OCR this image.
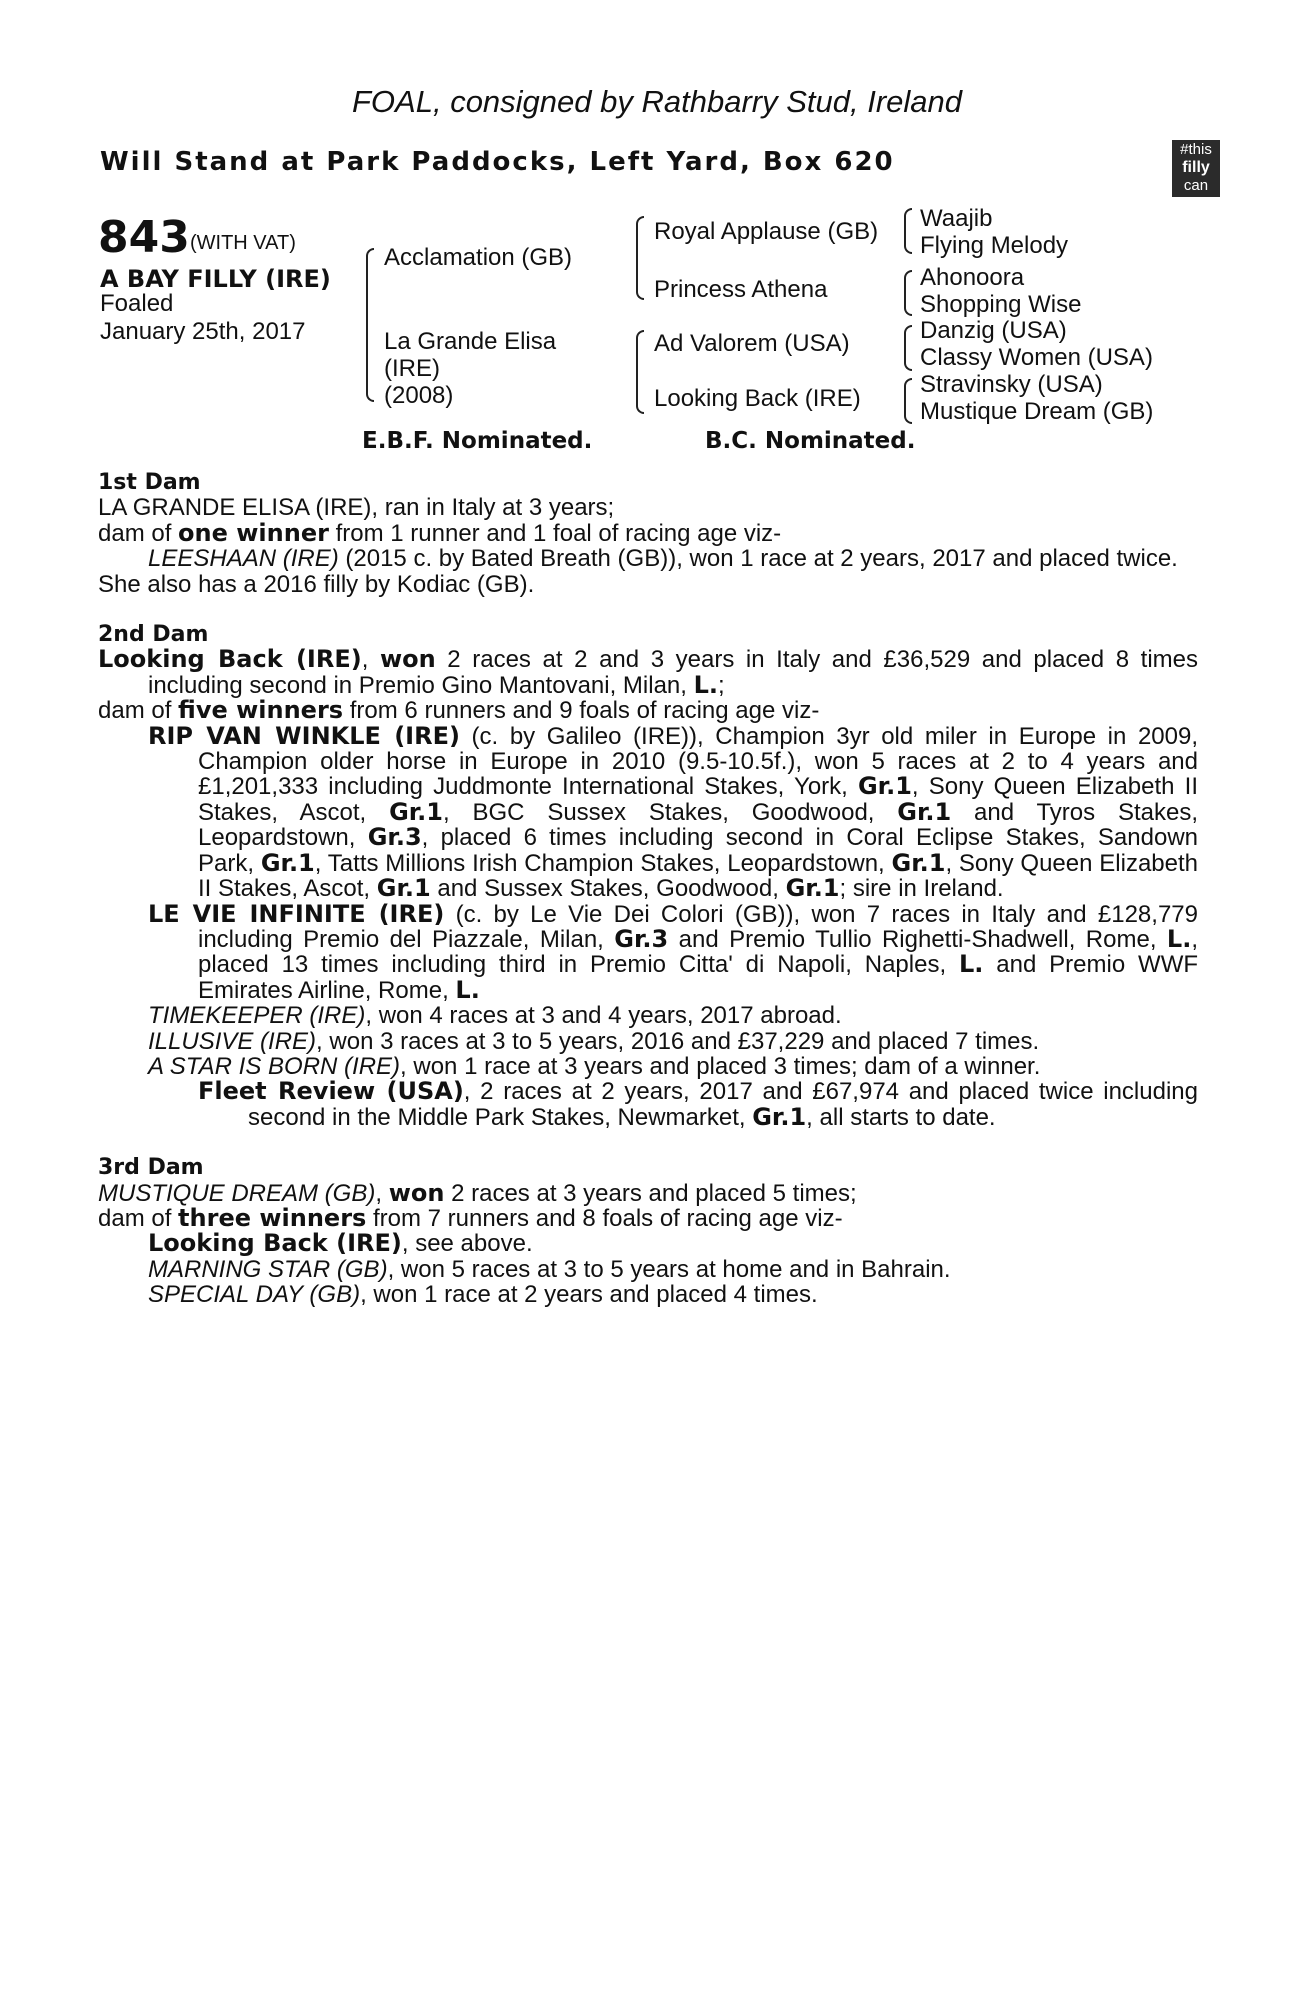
FOAL, consigned by Rathbarry Stud, Ireland
Will Stand at Park Paddocks, Left Yard, Box 620	#this
filly
can
843 (WITH VAT)
A BAY FILLY (IRE)
Foaled
January 25th, 2017
Acclamation (GB)
La Grande Elisa
(IRE)
(2008)
Royal Applause (GB)
Princess Athena
Ad Valorem (USA)
Looking Back (IRE)
Waajib
Flying Melody
Ahonoora
Shopping Wise
Danzig (USA)
Classy Women (USA)
Stravinsky (USA)
Mustique Dream (GB)
E.B.F. Nominated.	B.C. Nominated.

1st Dam

LA GRANDE ELISA (IRE), ran in Italy at 3 years;

dam of one winner from 1 runner and 1 foal of racing age viz-

LEESHAAN (IRE) (2015 c. by Bated Breath (GB)), won 1 race at 2 years, 2017 and placed twice.

She also has a 2016 filly by Kodiac (GB).

2nd Dam

Looking Back (IRE), won 2 races at 2 and 3 years in Italy and £36,529 and placed 8 times including second in Premio Gino Mantovani, Milan, L.;

dam of five winners from 6 runners and 9 foals of racing age viz-

RIP VAN WINKLE (IRE) (c. by Galileo (IRE)), Champion 3yr old miler in Europe in 2009, Champion older horse in Europe in 2010 (9.5-10.5f.), won 5 races at 2 to 4 years and £1,201,333 including Juddmonte International Stakes, York, Gr.1, Sony Queen Elizabeth II Stakes, Ascot, Gr.1, BGC Sussex Stakes, Goodwood, Gr.1 and Tyros Stakes, Leopardstown, Gr.3, placed 6 times including second in Coral Eclipse Stakes, Sandown Park, Gr.1, Tatts Millions Irish Champion Stakes, Leopardstown, Gr.1, Sony Queen Elizabeth II Stakes, Ascot, Gr.1 and Sussex Stakes, Goodwood, Gr.1; sire in Ireland.

LE VIE INFINITE (IRE) (c. by Le Vie Dei Colori (GB)), won 7 races in Italy and £128,779 including Premio del Piazzale, Milan, Gr.3 and Premio Tullio Righetti-Shadwell, Rome, L., placed 13 times including third in Premio Citta' di Napoli, Naples, L. and Premio WWF Emirates Airline, Rome, L.

TIMEKEEPER (IRE), won 4 races at 3 and 4 years, 2017 abroad.

ILLUSIVE (IRE), won 3 races at 3 to 5 years, 2016 and £37,229 and placed 7 times.

A STAR IS BORN (IRE), won 1 race at 3 years and placed 3 times; dam of a winner.

Fleet Review (USA), 2 races at 2 years, 2017 and £67,974 and placed twice including second in the Middle Park Stakes, Newmarket, Gr.1, all starts to date.

3rd Dam

MUSTIQUE DREAM (GB), won 2 races at 3 years and placed 5 times;

dam of three winners from 7 runners and 8 foals of racing age viz-

Looking Back (IRE), see above.

MARNING STAR (GB), won 5 races at 3 to 5 years at home and in Bahrain.

SPECIAL DAY (GB), won 1 race at 2 years and placed 4 times.
